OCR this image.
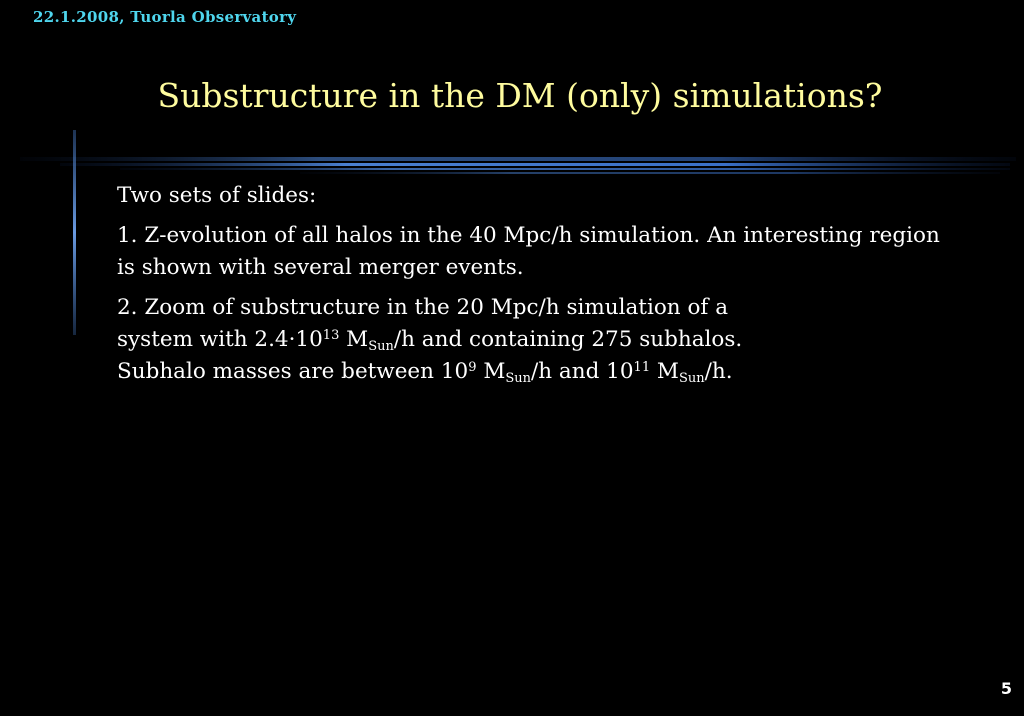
22.1.2008, Tuorla Observatory
Substructure in the DM (only) simulations?

Two sets of slides:

1. Z-evolution of all halos in the 40 Mpc/h simulation. An interesting region is shown with several merger events.

2. Zoom of substructure in the 20 Mpc/h simulation of a
system with $2.4\cdot 10^{13}$ $M_{Sun}/h$ and containing 275 subhalos.
Subhalo masses are between $10^9$ $M_{Sun}/h$ and $10^{11}$ $M_{Sun}/h$.

5
